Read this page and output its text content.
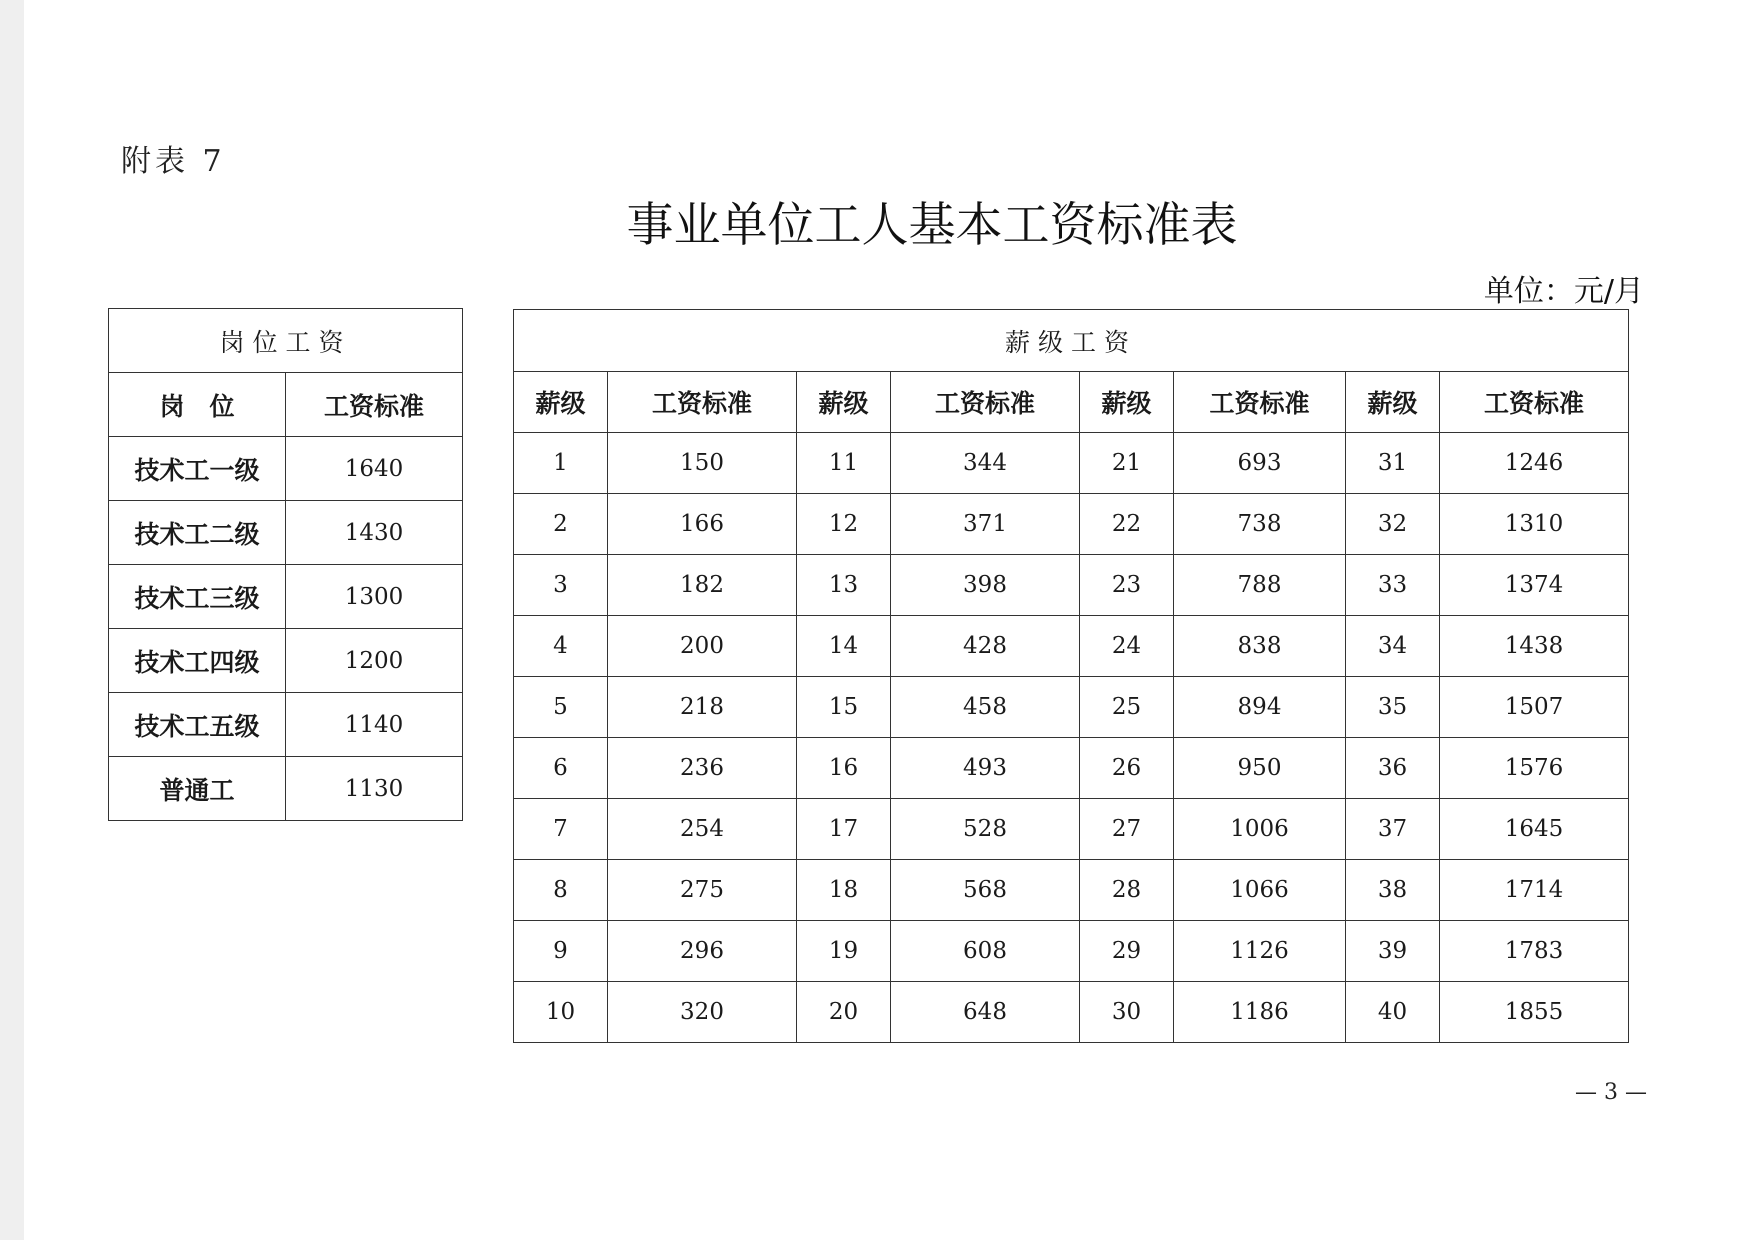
附表 7
事业单位工人基本工资标准表
单位：元/月
岗位工资	
岗　位	工资标准
技术工一级	1640
技术工二级	1430
技术工三级	1300
技术工四级	1200
技术工五级	1140
普通工	1130
薪级工资							
薪级	工资标准	薪级	工资标准	薪级	工资标准	薪级	工资标准
1	150	11	344	21	693	31	1246
2	166	12	371	22	738	32	1310
3	182	13	398	23	788	33	1374
4	200	14	428	24	838	34	1438
5	218	15	458	25	894	35	1507
6	236	16	493	26	950	36	1576
7	254	17	528	27	1006	37	1645
8	275	18	568	28	1066	38	1714
9	296	19	608	29	1126	39	1783
10	320	20	648	30	1186	40	1855
— 3 —
